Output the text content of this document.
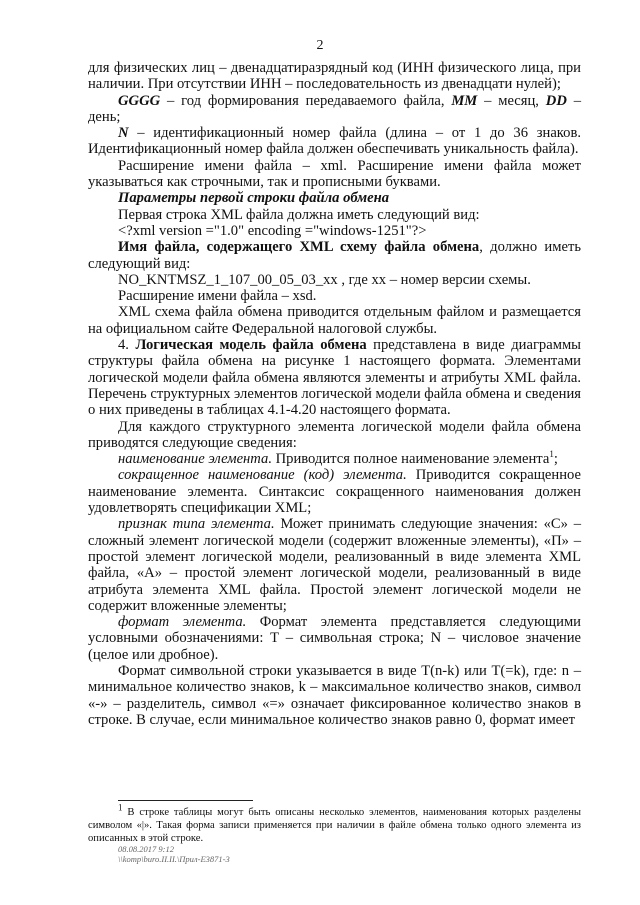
2

для физических лиц – двенадцатиразрядный код (ИНН физического лица, при наличии. При отсутствии ИНН – последовательность из двенадцати нулей);

GGGG – год формирования передаваемого файла, MM – месяц, DD – день;

N – идентификационный номер файла (длина – от 1 до 36 знаков. Идентификационный номер файла должен обеспечивать уникальность файла).

Расширение имени файла – xml. Расширение имени файла может указываться как строчными, так и прописными буквами.

Параметры первой строки файла обмена

Первая строка XML файла должна иметь следующий вид:

<?xml version ="1.0" encoding ="windows-1251"?>

Имя файла, содержащего XML схему файла обмена, должно иметь следующий вид:

NO_KNTMSZ_1_107_00_05_03_xx , где хх – номер версии схемы.

Расширение имени файла – xsd.

XML схема файла обмена приводится отдельным файлом и размещается на официальном сайте Федеральной налоговой службы.

4. Логическая модель файла обмена представлена в виде диаграммы структуры файла обмена на рисунке 1 настоящего формата. Элементами логической модели файла обмена являются элементы и атрибуты XML файла. Перечень структурных элементов логической модели файла обмена и сведения о них приведены в таблицах 4.1-4.20 настоящего формата.

Для каждого структурного элемента логической модели файла обмена приводятся следующие сведения:

наименование элемента. Приводится полное наименование элемента$^1$;

сокращенное наименование (код) элемента. Приводится сокращенное наименование элемента. Синтаксис сокращенного наименования должен удовлетворять спецификации XML;

признак типа элемента. Может принимать следующие значения: «С» – сложный элемент логической модели (содержит вложенные элементы), «П» – простой элемент логической модели, реализованный в виде элемента XML файла, «А» – простой элемент логической модели, реализованный в виде атрибута элемента XML файла. Простой элемент логической модели не содержит вложенные элементы;

формат элемента. Формат элемента представляется следующими условными обозначениями: Т – символьная строка; N – числовое значение (целое или дробное).

Формат символьной строки указывается в виде Т(n-k) или T(=k), где: n – минимальное количество знаков, k – максимальное количество знаков, символ «-» – разделитель, символ «=» означает фиксированное количество знаков в строке. В случае, если минимальное количество знаков равно 0, формат имеет

$^1$ В строке таблицы могут быть описаны несколько элементов, наименования которых разделены символом «|». Такая форма записи применяется при наличии в файле обмена только одного элемента из описанных в этой строке.
08.08.2017 9:12
\\komp\buro.II.II.\Прил-Е3871-3
